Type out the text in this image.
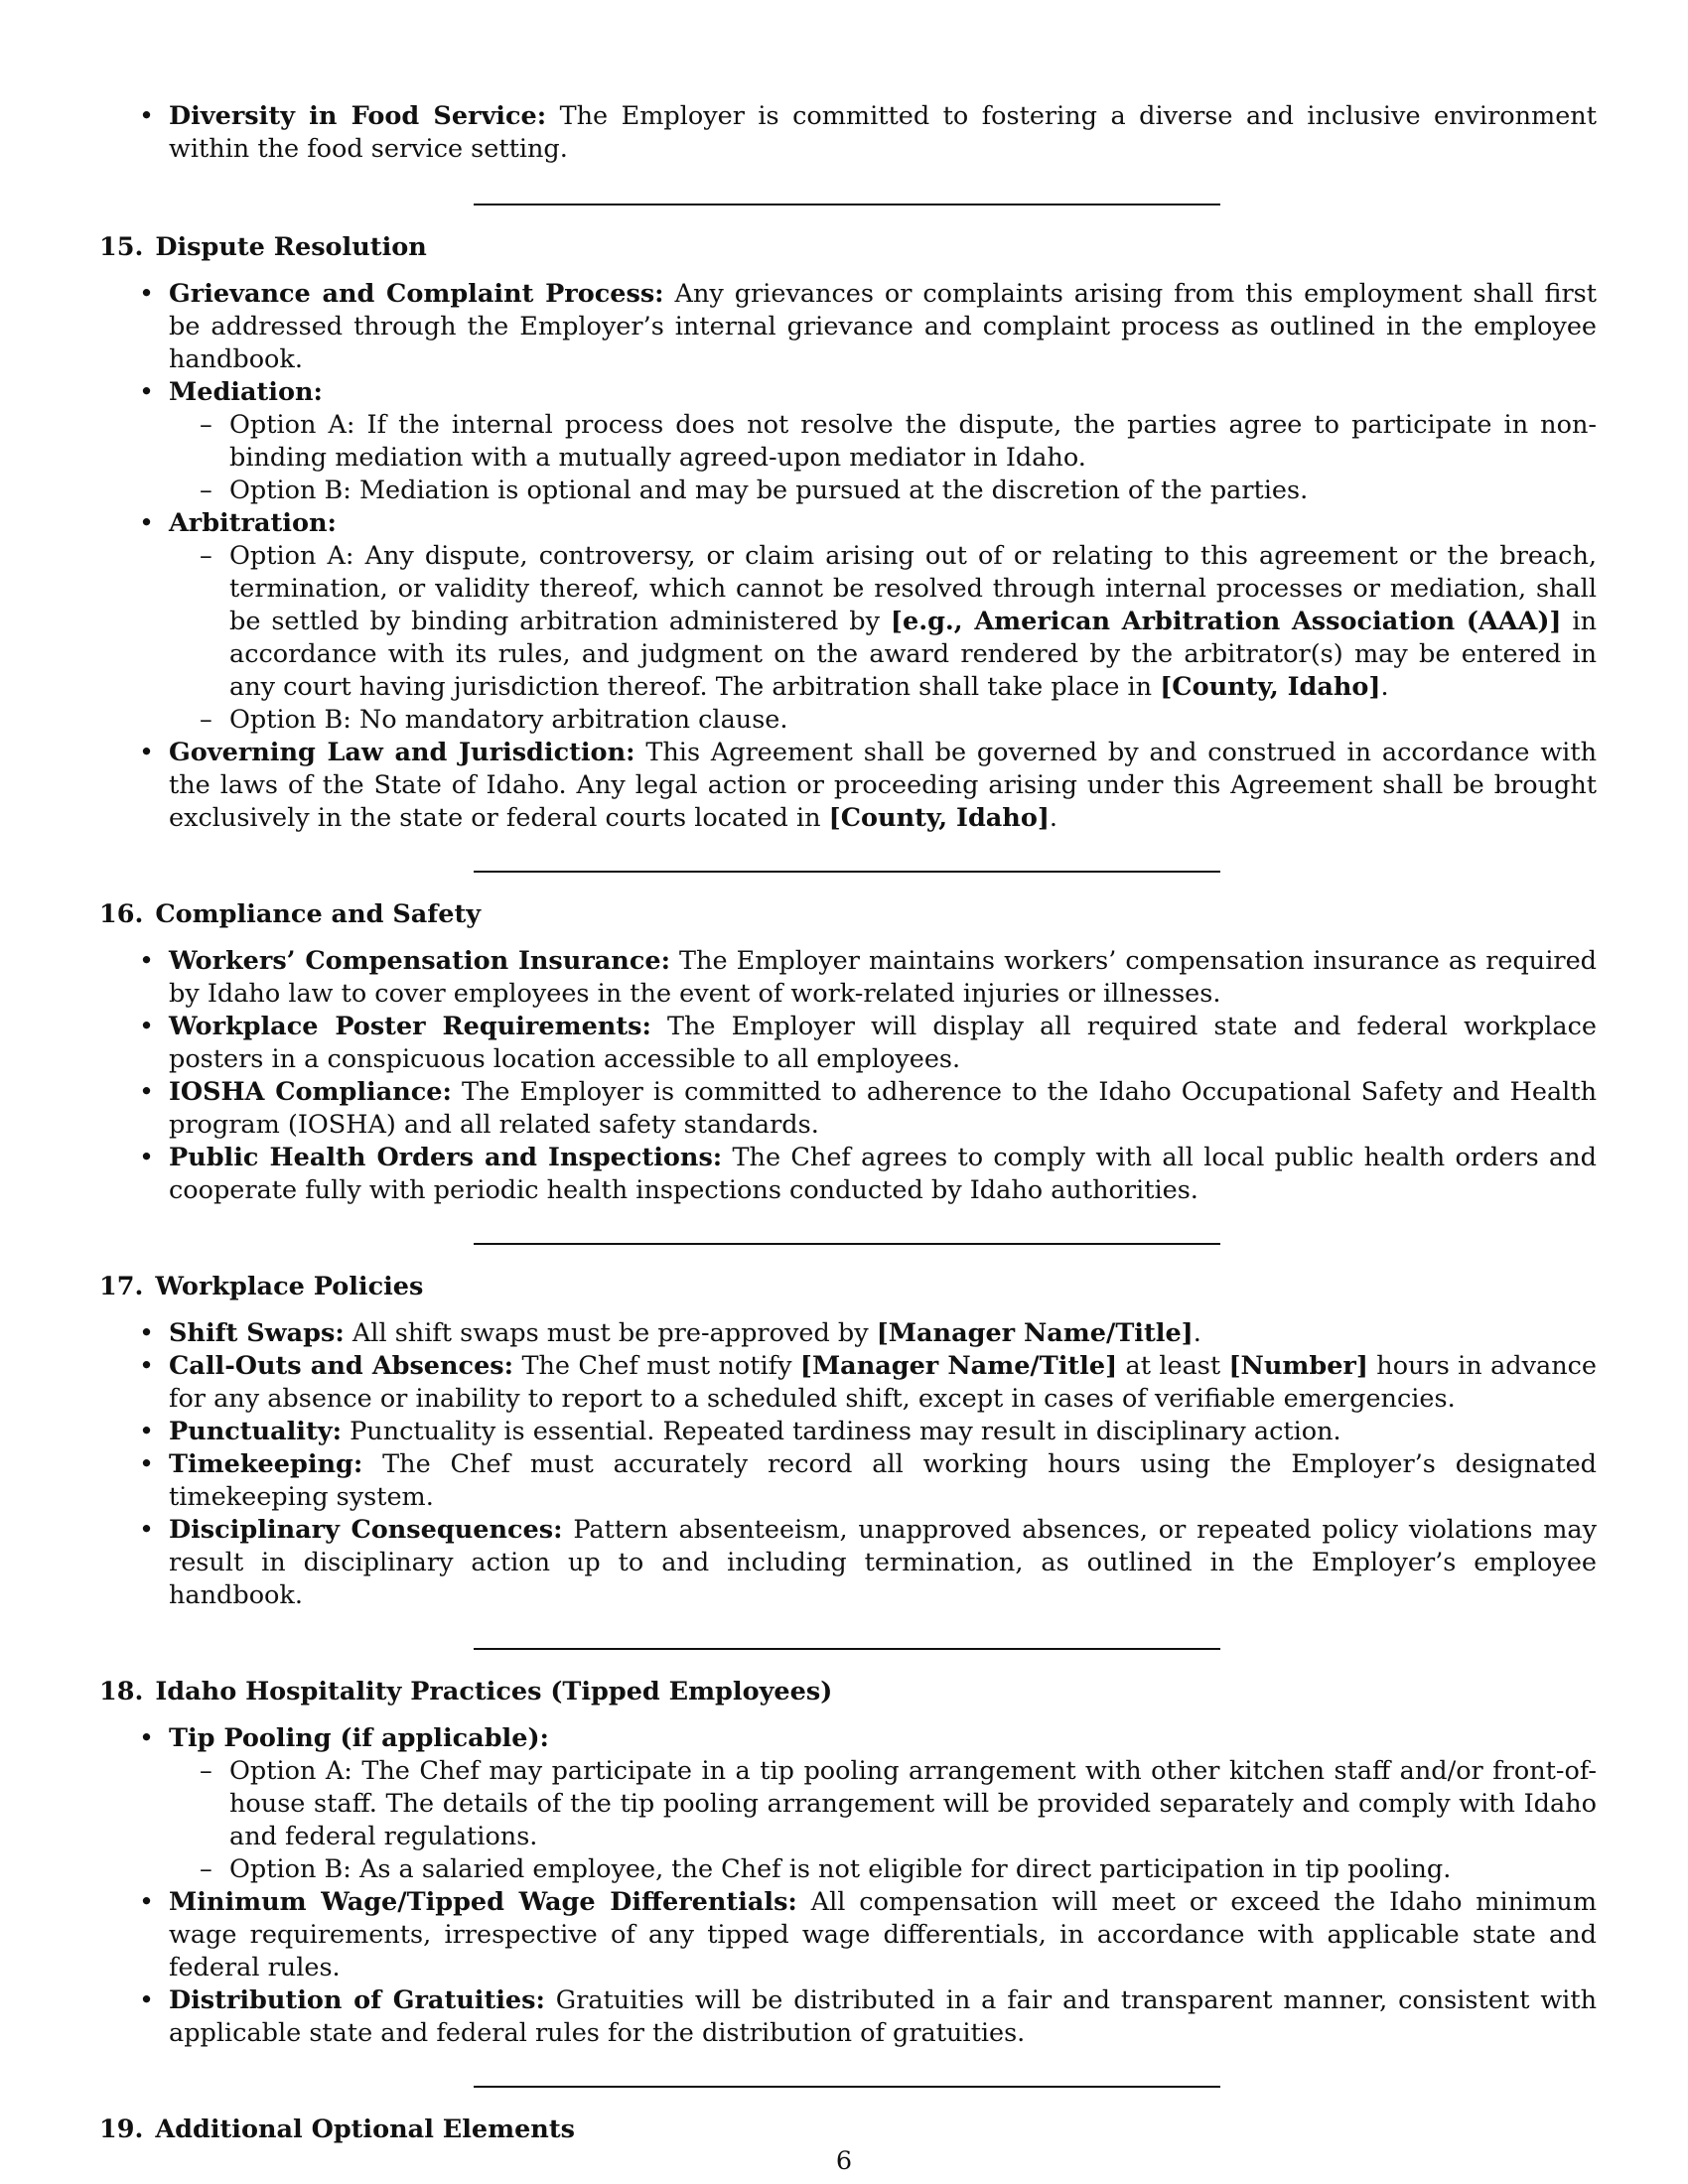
• Diversity in Food Service: The Employer is committed to fostering a diverse and inclusive environment within the food service setting.
15. Dispute Resolution
• Grievance and Complaint Process: Any grievances or complaints arising from this employment shall first be addressed through the Employer’s internal grievance and complaint process as outlined in the employee handbook.
• Mediation:
– Option A: If the internal process does not resolve the dispute, the parties agree to participate in non-binding mediation with a mutually agreed-upon mediator in Idaho.
– Option B: Mediation is optional and may be pursued at the discretion of the parties.
• Arbitration:
– Option A: Any dispute, controversy, or claim arising out of or relating to this agreement or the breach, termination, or validity thereof, which cannot be resolved through internal processes or mediation, shall be settled by binding arbitration administered by [e.g., American Arbitration Association (AAA)] in accordance with its rules, and judgment on the award rendered by the arbitrator(s) may be entered in any court having jurisdiction thereof. The arbitration shall take place in [County, Idaho].
– Option B: No mandatory arbitration clause.
• Governing Law and Jurisdiction: This Agreement shall be governed by and construed in accordance with the laws of the State of Idaho. Any legal action or proceeding arising under this Agreement shall be brought exclusively in the state or federal courts located in [County, Idaho].
16. Compliance and Safety
• Workers’ Compensation Insurance: The Employer maintains workers’ compensation insurance as required by Idaho law to cover employees in the event of work-related injuries or illnesses.
• Workplace Poster Requirements: The Employer will display all required state and federal workplace posters in a conspicuous location accessible to all employees.
• IOSHA Compliance: The Employer is committed to adherence to the Idaho Occupational Safety and Health program (IOSHA) and all related safety standards.
• Public Health Orders and Inspections: The Chef agrees to comply with all local public health orders and cooperate fully with periodic health inspections conducted by Idaho authorities.
17. Workplace Policies
• Shift Swaps: All shift swaps must be pre-approved by [Manager Name/Title].
• Call-Outs and Absences: The Chef must notify [Manager Name/Title] at least [Number] hours in advance for any absence or inability to report to a scheduled shift, except in cases of verifiable emergencies.
• Punctuality: Punctuality is essential. Repeated tardiness may result in disciplinary action.
• Timekeeping: The Chef must accurately record all working hours using the Employer’s designated timekeeping system.
• Disciplinary Consequences: Pattern absenteeism, unapproved absences, or repeated policy violations may result in disciplinary action up to and including termination, as outlined in the Employer’s employee handbook.
18. Idaho Hospitality Practices (Tipped Employees)
• Tip Pooling (if applicable):
– Option A: The Chef may participate in a tip pooling arrangement with other kitchen staff and/or front-of-house staff. The details of the tip pooling arrangement will be provided separately and comply with Idaho and federal regulations.
– Option B: As a salaried employee, the Chef is not eligible for direct participation in tip pooling.
• Minimum Wage/Tipped Wage Differentials: All compensation will meet or exceed the Idaho minimum wage requirements, irrespective of any tipped wage differentials, in accordance with applicable state and federal rules.
• Distribution of Gratuities: Gratuities will be distributed in a fair and transparent manner, consistent with applicable state and federal rules for the distribution of gratuities.
19. Additional Optional Elements
6
